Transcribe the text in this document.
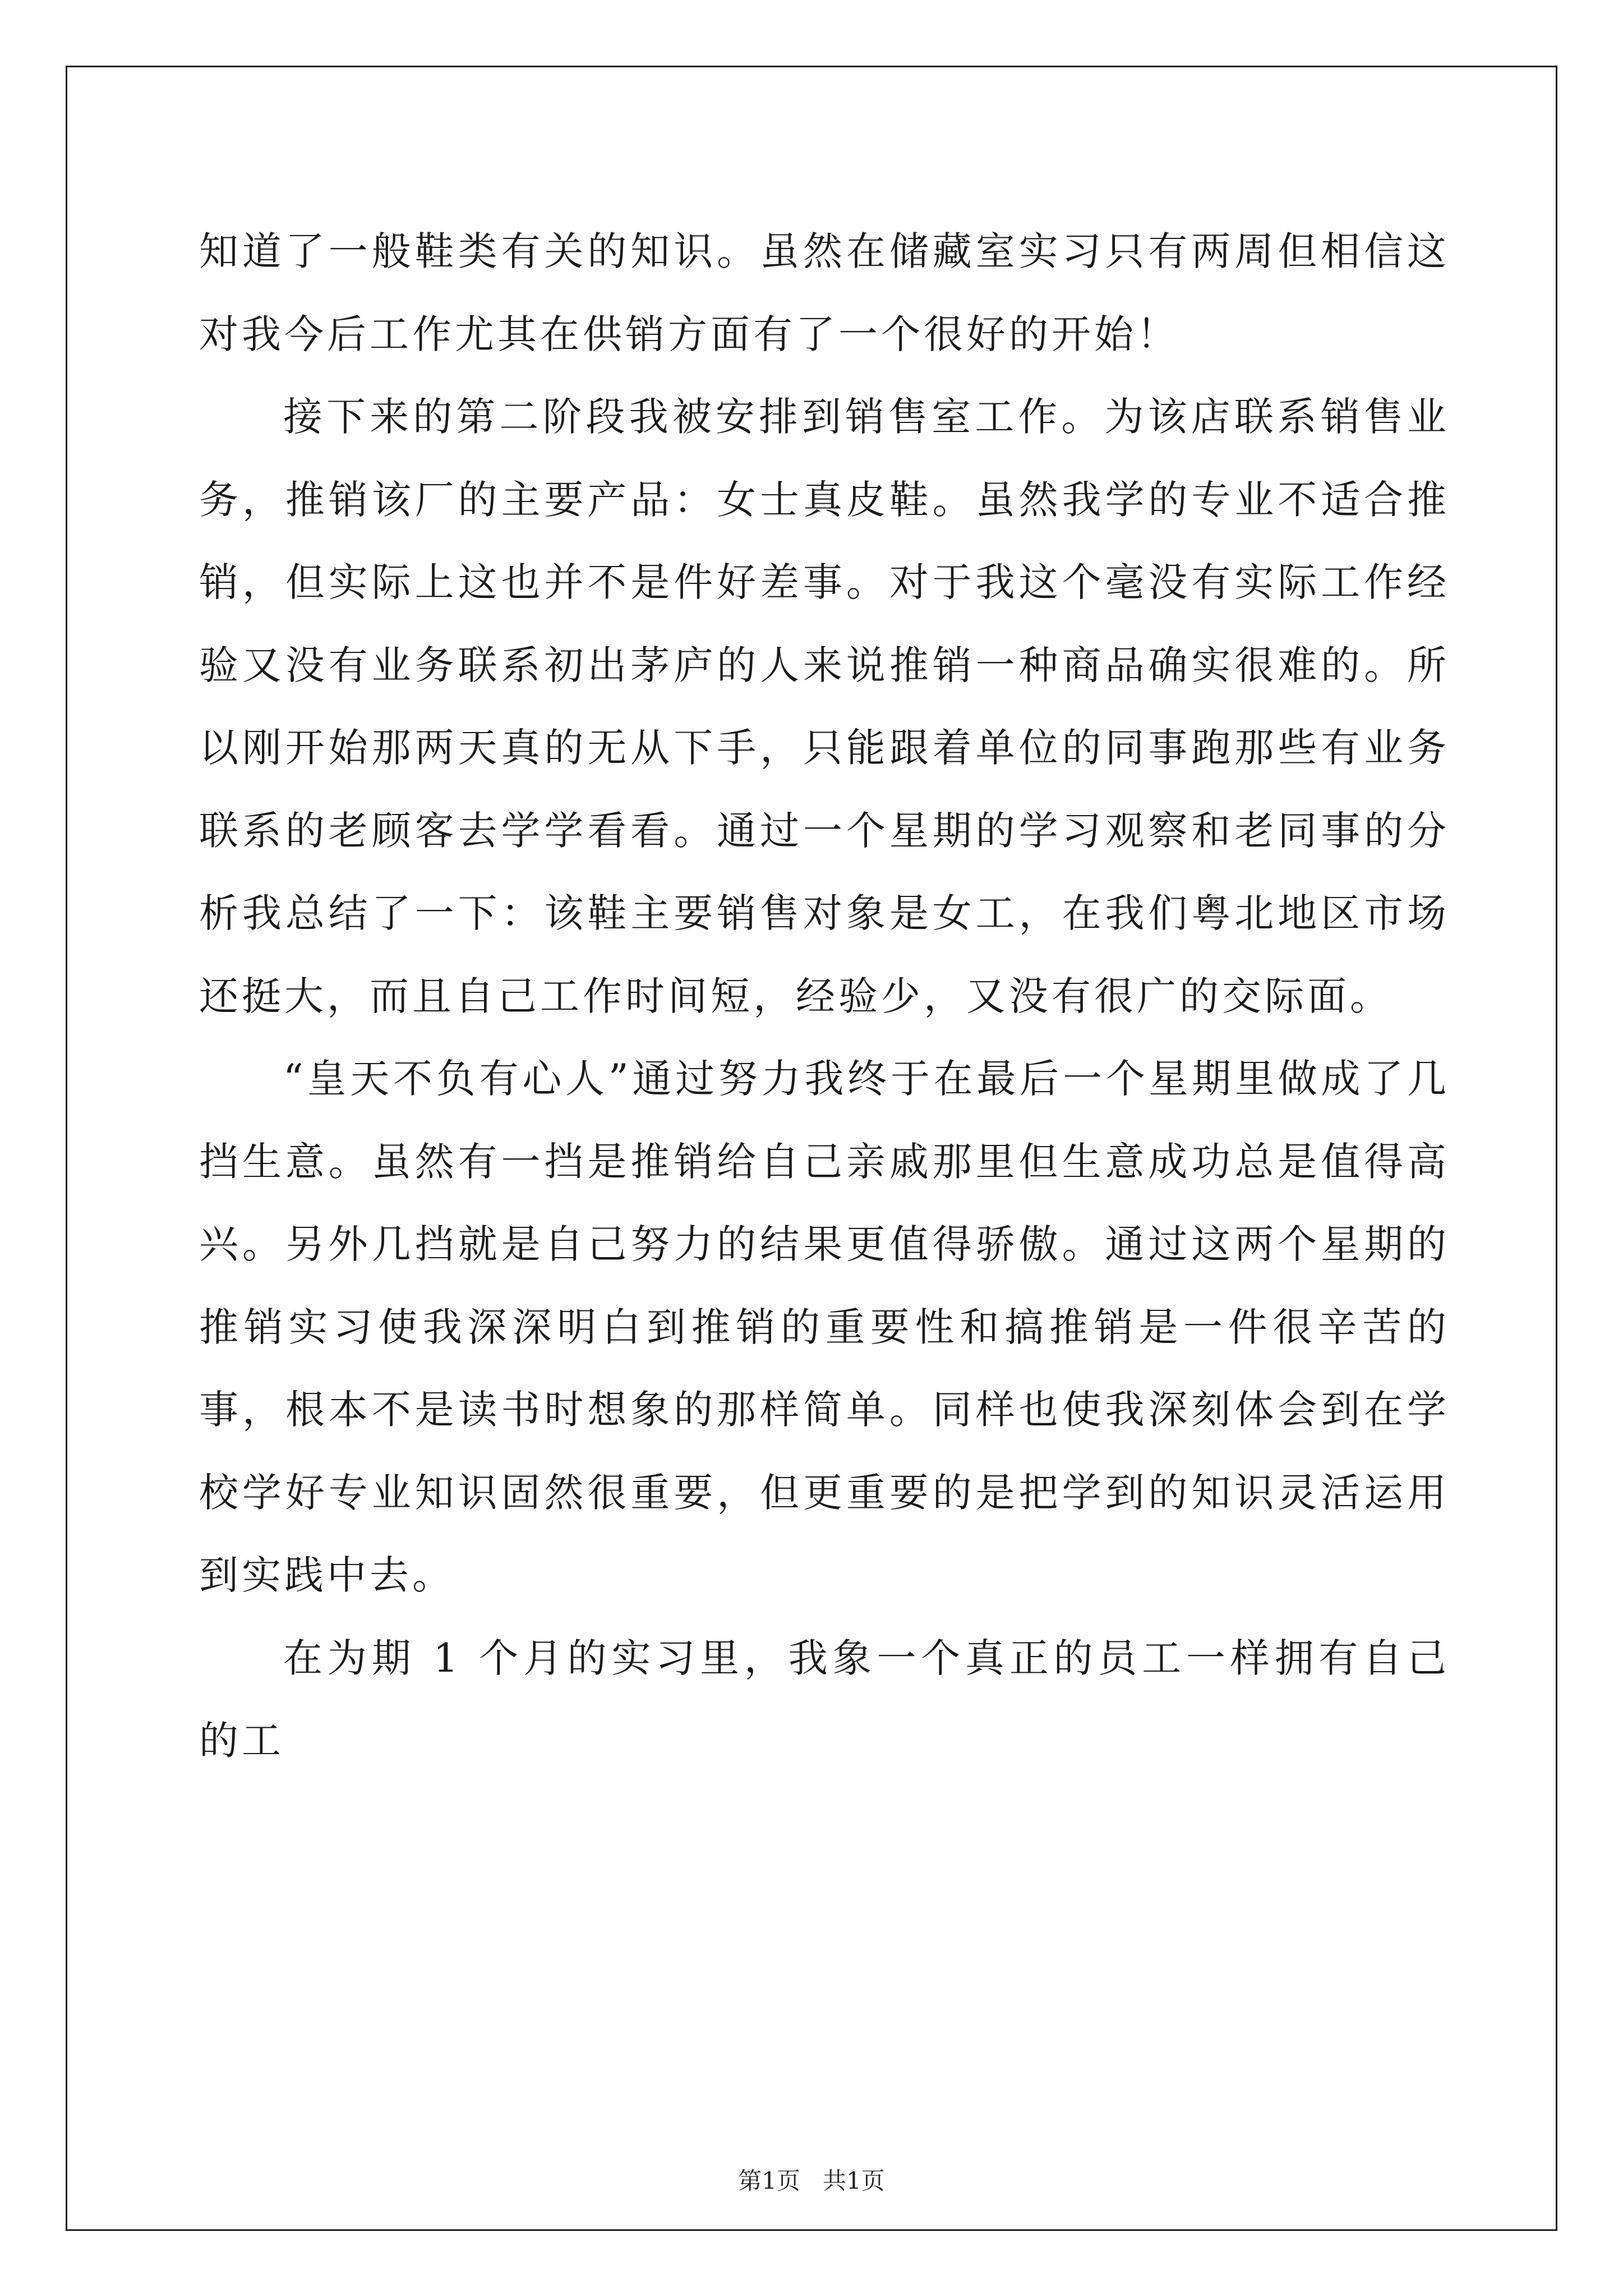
知道了一般鞋类有关的知识。虽然在储藏室实习只有两周但相信这对我今后工作尤其在供销方面有了一个很好的开始！

接下来的第二阶段我被安排到销售室工作。为该店联系销售业务，推销该厂的主要产品：女士真皮鞋。虽然我学的专业不适合推销，但实际上这也并不是件好差事。对于我这个毫没有实际工作经验又没有业务联系初出茅庐的人来说推销一种商品确实很难的。所以刚开始那两天真的无从下手，只能跟着单位的同事跑那些有业务联系的老顾客去学学看看。通过一个星期的学习观察和老同事的分析我总结了一下：该鞋主要销售对象是女工，在我们粤北地区市场还挺大，而且自己工作时间短，经验少，又没有很广的交际面。

“皇天不负有心人”通过努力我终于在最后一个星期里做成了几挡生意。虽然有一挡是推销给自己亲戚那里但生意成功总是值得高兴。另外几挡就是自己努力的结果更值得骄傲。通过这两个星期的推销实习使我深深明白到推销的重要性和搞推销是一件很辛苦的事，根本不是读书时想象的那样简单。同样也使我深刻体会到在学校学好专业知识固然很重要，但更重要的是把学到的知识灵活运用到实践中去。

在为期 1 个月的实习里，我象一个真正的员工一样拥有自己的工

第1页 共1页
